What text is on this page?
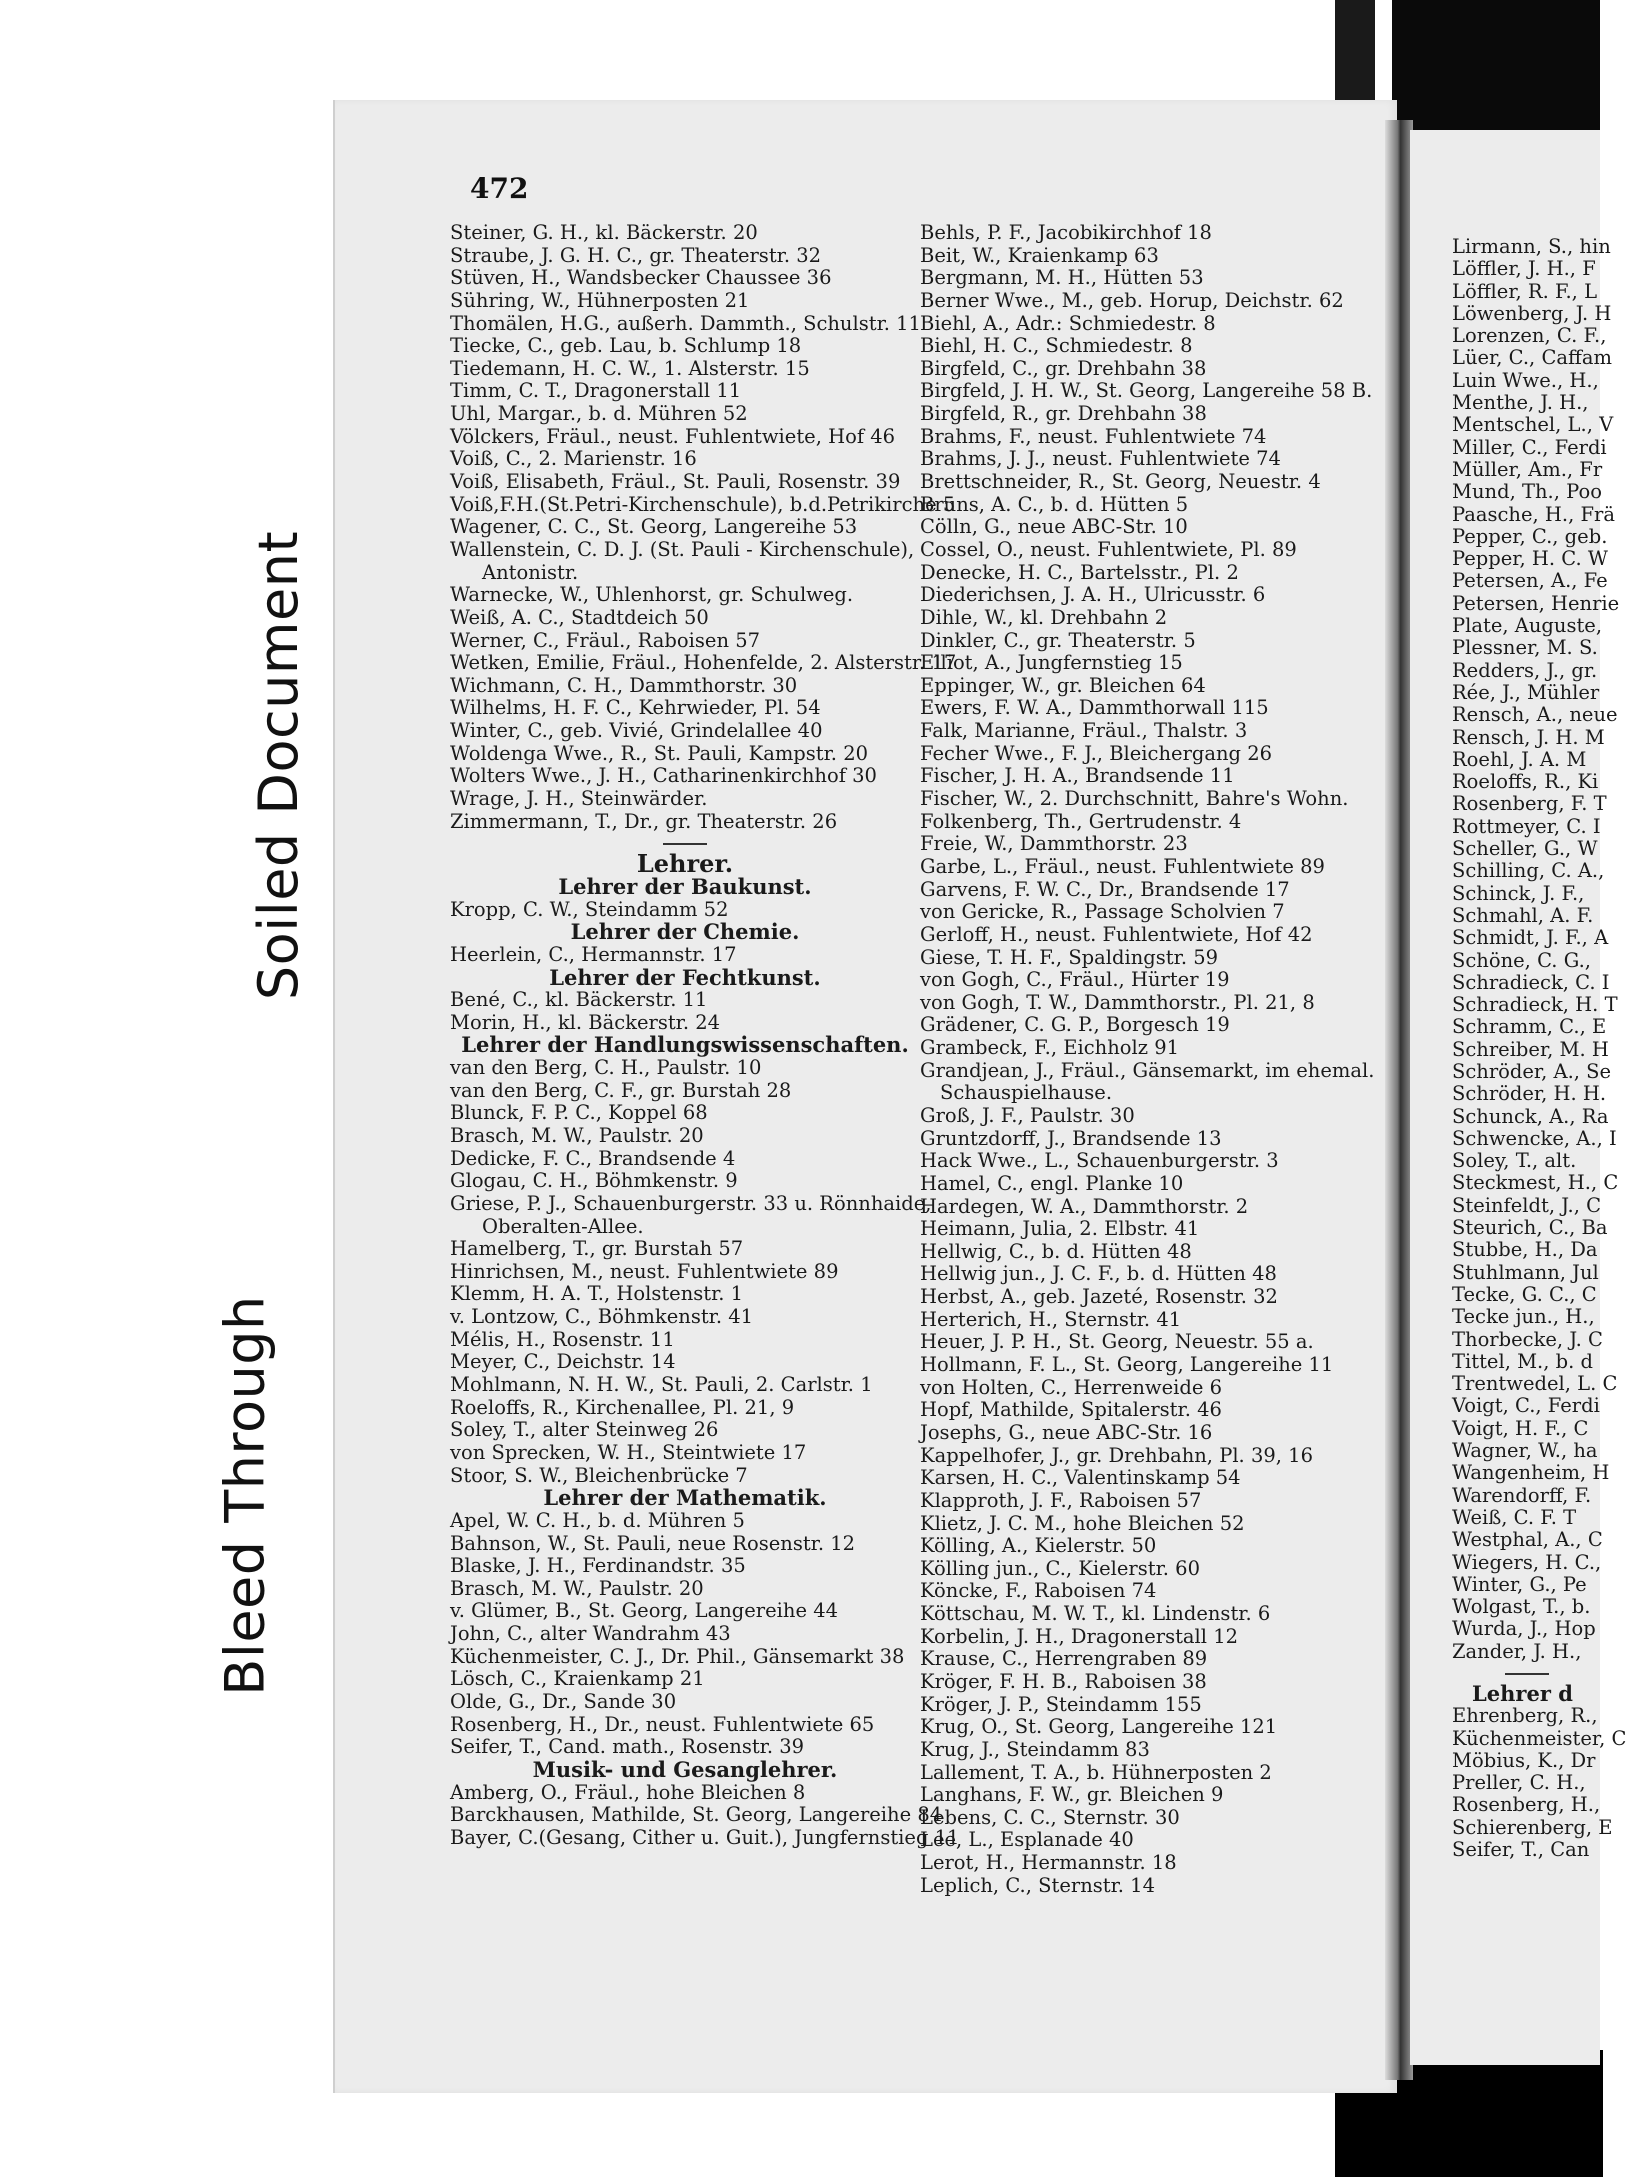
Soiled Document
Bleed Through
472
Steiner, G. H., kl. Bäckerstr. 20
Straube, J. G. H. C., gr. Theaterstr. 32
Stüven, H., Wandsbecker Chaussee 36
Sühring, W., Hühnerposten 21
Thomälen, H.G., außerh. Dammth., Schulstr. 11
Tiecke, C., geb. Lau, b. Schlump 18
Tiedemann, H. C. W., 1. Alsterstr. 15
Timm, C. T., Dragonerstall 11
Uhl, Margar., b. d. Mühren 52
Völckers, Fräul., neust. Fuhlentwiete, Hof 46
Voiß, C., 2. Marienstr. 16
Voiß, Elisabeth, Fräul., St. Pauli, Rosenstr. 39
Voiß,F.H.(St.Petri-Kirchenschule), b.d.Petrikirche 5
Wagener, C. C., St. Georg, Langereihe 53
Wallenstein, C. D. J. (St. Pauli - Kirchenschule),
Antonistr.
Warnecke, W., Uhlenhorst, gr. Schulweg.
Weiß, A. C., Stadtdeich 50
Werner, C., Fräul., Raboisen 57
Wetken, Emilie, Fräul., Hohenfelde, 2. Alsterstr. 17
Wichmann, C. H., Dammthorstr. 30
Wilhelms, H. F. C., Kehrwieder, Pl. 54
Winter, C., geb. Vivié, Grindelallee 40
Woldenga Wwe., R., St. Pauli, Kampstr. 20
Wolters Wwe., J. H., Catharinenkirchhof 30
Wrage, J. H., Steinwärder.
Zimmermann, T., Dr., gr. Theaterstr. 26
Lehrer.
Lehrer der Baukunst.
Kropp, C. W., Steindamm 52
Lehrer der Chemie.
Heerlein, C., Hermannstr. 17
Lehrer der Fechtkunst.
Bené, C., kl. Bäckerstr. 11
Morin, H., kl. Bäckerstr. 24
Lehrer der Handlungswissenschaften.
van den Berg, C. H., Paulstr. 10
van den Berg, C. F., gr. Burstah 28
Blunck, F. P. C., Koppel 68
Brasch, M. W., Paulstr. 20
Dedicke, F. C., Brandsende 4
Glogau, C. H., Böhmkenstr. 9
Griese, P. J., Schauenburgerstr. 33 u. Rönnhaide,
Oberalten-Allee.
Hamelberg, T., gr. Burstah 57
Hinrichsen, M., neust. Fuhlentwiete 89
Klemm, H. A. T., Holstenstr. 1
v. Lontzow, C., Böhmkenstr. 41
Mélis, H., Rosenstr. 11
Meyer, C., Deichstr. 14
Mohlmann, N. H. W., St. Pauli, 2. Carlstr. 1
Roeloffs, R., Kirchenallee, Pl. 21, 9
Soley, T., alter Steinweg 26
von Sprecken, W. H., Steintwiete 17
Stoor, S. W., Bleichenbrücke 7
Lehrer der Mathematik.
Apel, W. C. H., b. d. Mühren 5
Bahnson, W., St. Pauli, neue Rosenstr. 12
Blaske, J. H., Ferdinandstr. 35
Brasch, M. W., Paulstr. 20
v. Glümer, B., St. Georg, Langereihe 44
John, C., alter Wandrahm 43
Küchenmeister, C. J., Dr. Phil., Gänsemarkt 38
Lösch, C., Kraienkamp 21
Olde, G., Dr., Sande 30
Rosenberg, H., Dr., neust. Fuhlentwiete 65
Seifer, T., Cand. math., Rosenstr. 39
Musik- und Gesanglehrer.
Amberg, O., Fräul., hohe Bleichen 8
Barckhausen, Mathilde, St. Georg, Langereihe 84
Bayer, C.(Gesang, Cither u. Guit.), Jungfernstieg 11
Behls, P. F., Jacobikirchhof 18
Beit, W., Kraienkamp 63
Bergmann, M. H., Hütten 53
Berner Wwe., M., geb. Horup, Deichstr. 62
Biehl, A., Adr.: Schmiedestr. 8
Biehl, H. C., Schmiedestr. 8
Birgfeld, C., gr. Drehbahn 38
Birgfeld, J. H. W., St. Georg, Langereihe 58 B.
Birgfeld, R., gr. Drehbahn 38
Brahms, F., neust. Fuhlentwiete 74
Brahms, J. J., neust. Fuhlentwiete 74
Brettschneider, R., St. Georg, Neuestr. 4
Bruns, A. C., b. d. Hütten 5
Cölln, G., neue ABC-Str. 10
Cossel, O., neust. Fuhlentwiete, Pl. 89
Denecke, H. C., Bartelsstr., Pl. 2
Diederichsen, J. A. H., Ulricusstr. 6
Dihle, W., kl. Drehbahn 2
Dinkler, C., gr. Theaterstr. 5
Elliot, A., Jungfernstieg 15
Eppinger, W., gr. Bleichen 64
Ewers, F. W. A., Dammthorwall 115
Falk, Marianne, Fräul., Thalstr. 3
Fecher Wwe., F. J., Bleichergang 26
Fischer, J. H. A., Brandsende 11
Fischer, W., 2. Durchschnitt, Bahre's Wohn.
Folkenberg, Th., Gertrudenstr. 4
Freie, W., Dammthorstr. 23
Garbe, L., Fräul., neust. Fuhlentwiete 89
Garvens, F. W. C., Dr., Brandsende 17
von Gericke, R., Passage Scholvien 7
Gerloff, H., neust. Fuhlentwiete, Hof 42
Giese, T. H. F., Spaldingstr. 59
von Gogh, C., Fräul., Hürter 19
von Gogh, T. W., Dammthorstr., Pl. 21, 8
Grädener, C. G. P., Borgesch 19
Grambeck, F., Eichholz 91
Grandjean, J., Fräul., Gänsemarkt, im ehemal.
Schauspielhause.
Groß, J. F., Paulstr. 30
Gruntzdorff, J., Brandsende 13
Hack Wwe., L., Schauenburgerstr. 3
Hamel, C., engl. Planke 10
Hardegen, W. A., Dammthorstr. 2
Heimann, Julia, 2. Elbstr. 41
Hellwig, C., b. d. Hütten 48
Hellwig jun., J. C. F., b. d. Hütten 48
Herbst, A., geb. Jazeté, Rosenstr. 32
Herterich, H., Sternstr. 41
Heuer, J. P. H., St. Georg, Neuestr. 55 a.
Hollmann, F. L., St. Georg, Langereihe 11
von Holten, C., Herrenweide 6
Hopf, Mathilde, Spitalerstr. 46
Josephs, G., neue ABC-Str. 16
Kappelhofer, J., gr. Drehbahn, Pl. 39, 16
Karsen, H. C., Valentinskamp 54
Klapproth, J. F., Raboisen 57
Klietz, J. C. M., hohe Bleichen 52
Kölling, A., Kielerstr. 50
Kölling jun., C., Kielerstr. 60
Köncke, F., Raboisen 74
Köttschau, M. W. T., kl. Lindenstr. 6
Korbelin, J. H., Dragonerstall 12
Krause, C., Herrengraben 89
Kröger, F. H. B., Raboisen 38
Kröger, J. P., Steindamm 155
Krug, O., St. Georg, Langereihe 121
Krug, J., Steindamm 83
Lallement, T. A., b. Hühnerposten 2
Langhans, F. W., gr. Bleichen 9
Lebens, C. C., Sternstr. 30
Lee, L., Esplanade 40
Lerot, H., Hermannstr. 18
Leplich, C., Sternstr. 14
Lirmann, S., hin
Löffler, J. H., F
Löffler, R. F., L
Löwenberg, J. H
Lorenzen, C. F.,
Lüer, C., Caffam
Luin Wwe., H.,
Menthe, J. H.,
Mentschel, L., V
Miller, C., Ferdi
Müller, Am., Fr
Mund, Th., Poo
Paasche, H., Frä
Pepper, C., geb.
Pepper, H. C. W
Petersen, A., Fe
Petersen, Henrie
Plate, Auguste,
Plessner, M. S.
Redders, J., gr.
Rée, J., Mühler
Rensch, A., neue
Rensch, J. H. M
Roehl, J. A. M
Roeloffs, R., Ki
Rosenberg, F. T
Rottmeyer, C. I
Scheller, G., W
Schilling, C. A.,
Schinck, J. F.,
Schmahl, A. F.
Schmidt, J. F., A
Schöne, C. G.,
Schradieck, C. I
Schradieck, H. T
Schramm, C., E
Schreiber, M. H
Schröder, A., Se
Schröder, H. H.
Schunck, A., Ra
Schwencke, A., I
Soley, T., alt.
Steckmest, H., C
Steinfeldt, J., C
Steurich, C., Ba
Stubbe, H., Da
Stuhlmann, Jul
Tecke, G. C., C
Tecke jun., H.,
Thorbecke, J. C
Tittel, M., b. d
Trentwedel, L. C
Voigt, C., Ferdi
Voigt, H. F., C
Wagner, W., ha
Wangenheim, H
Warendorff, F.
Weiß, C. F. T
Westphal, A., C
Wiegers, H. C.,
Winter, G., Pe
Wolgast, T., b.
Wurda, J., Hop
Zander, J. H.,
Lehrer d
Ehrenberg, R.,
Küchenmeister, C
Möbius, K., Dr
Preller, C. H.,
Rosenberg, H.,
Schierenberg, E
Seifer, T., Can
